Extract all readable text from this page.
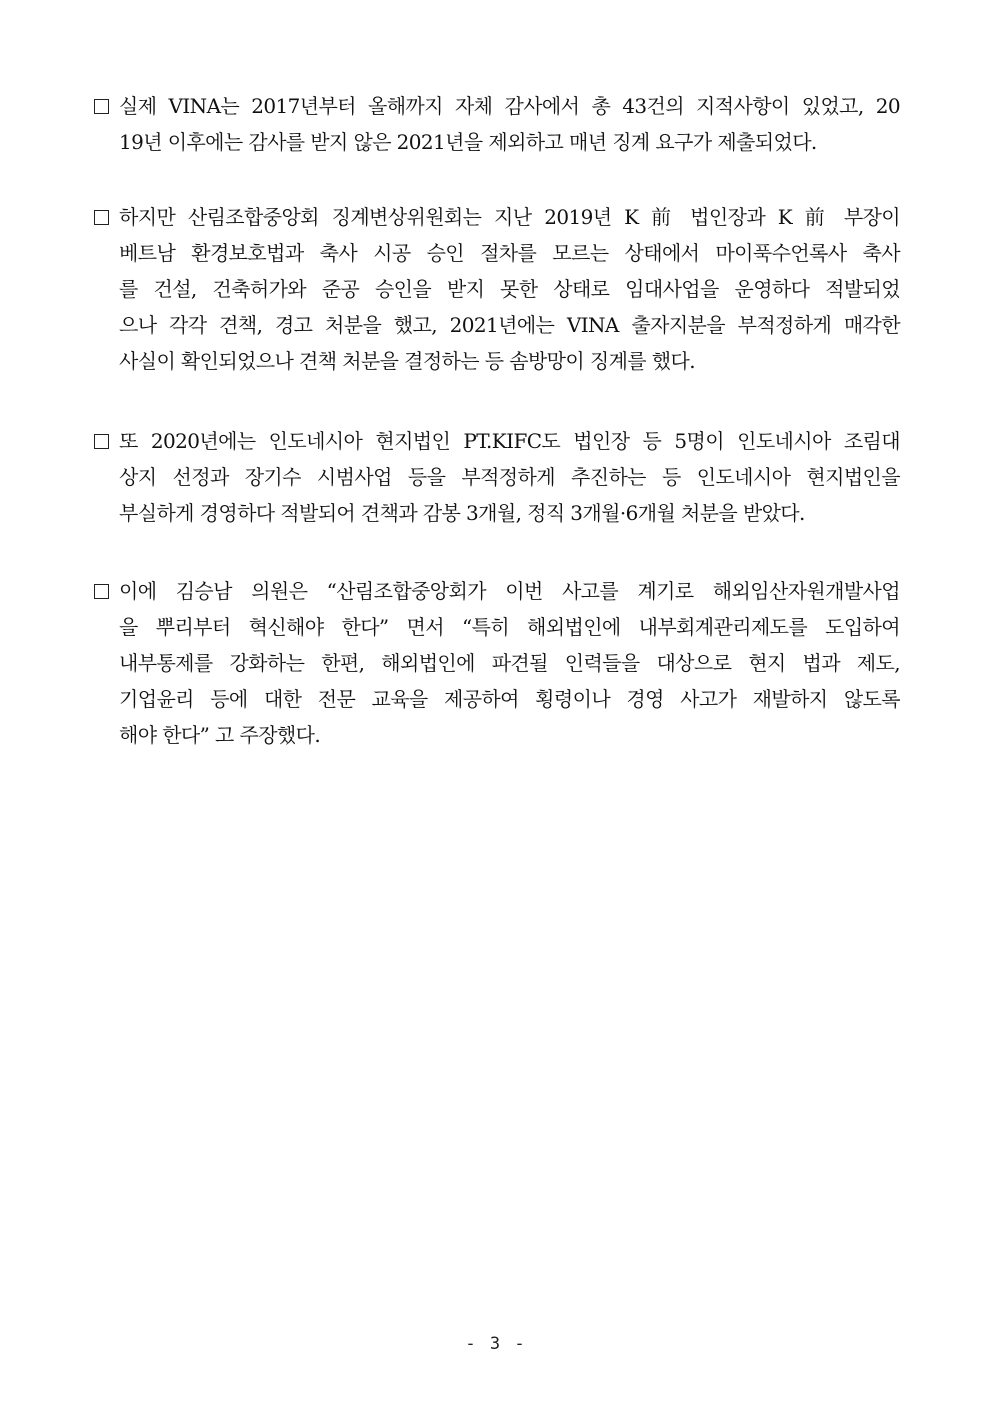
실제 VINA는 2017년부터 올해까지 자체 감사에서 총 43건의 지적사항이 있었고, 20
19년 이후에는 감사를 받지 않은 2021년을 제외하고 매년 징계 요구가 제출되었다.
하지만 산림조합중앙회 징계변상위원회는 지난 2019년 K 前 법인장과 K 前 부장이
베트남 환경보호법과 축사 시공 승인 절차를 모르는 상태에서 마이푹수언록사 축사
를 건설, 건축허가와 준공 승인을 받지 못한 상태로 임대사업을 운영하다 적발되었
으나 각각 견책, 경고 처분을 했고, 2021년에는 VINA 출자지분을 부적정하게 매각한
사실이 확인되었으나 견책 처분을 결정하는 등 솜방망이 징계를 했다.
또 2020년에는 인도네시아 현지법인 PT.KIFC도 법인장 등 5명이 인도네시아 조림대
상지 선정과 장기수 시범사업 등을 부적정하게 추진하는 등 인도네시아 현지법인을
부실하게 경영하다 적발되어 견책과 감봉 3개월, 정직 3개월·6개월 처분을 받았다.
이에 김승남 의원은 “산림조합중앙회가 이번 사고를 계기로 해외임산자원개발사업
을 뿌리부터 혁신해야 한다” 면서 “특히 해외법인에 내부회계관리제도를 도입하여
내부통제를 강화하는 한편, 해외법인에 파견될 인력들을 대상으로 현지 법과 제도,
기업윤리 등에 대한 전문 교육을 제공하여 횡령이나 경영 사고가 재발하지 않도록
해야 한다” 고 주장했다.
- 3 -
